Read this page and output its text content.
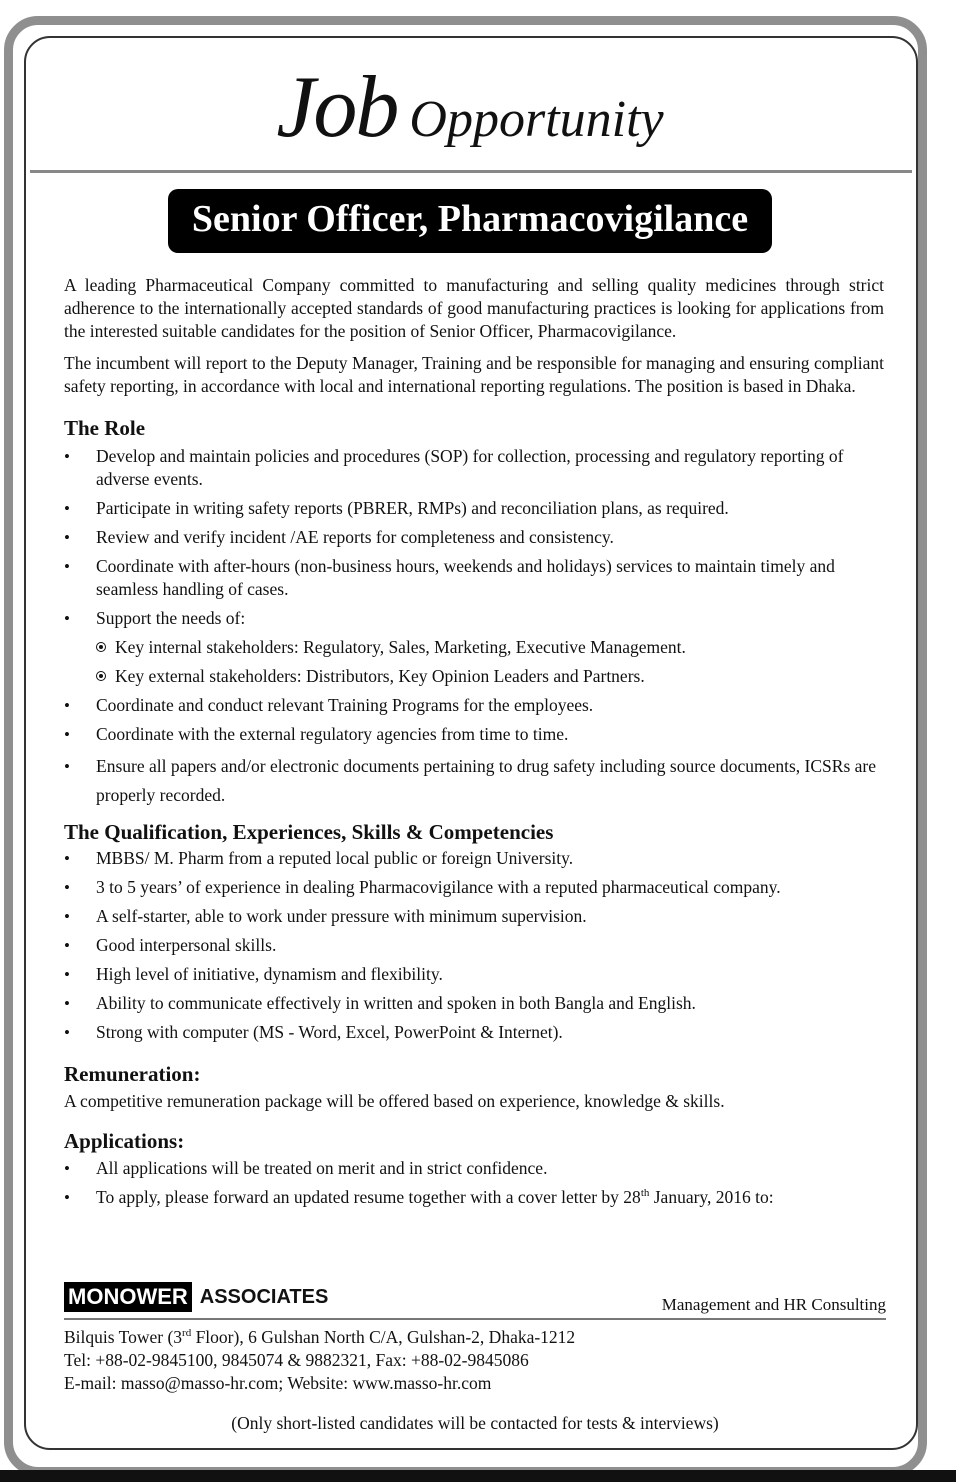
Job Opportunity
Senior Officer, Pharmacovigilance

A leading Pharmaceutical Company committed to manufacturing and selling quality medicines through strict adherence to the internationally accepted standards of good manufacturing practices is looking for applications from the interested suitable candidates for the position of Senior Officer, Pharmacovigilance.

The incumbent will report to the Deputy Manager, Training and be responsible for managing and ensuring compliant safety reporting, in accordance with local and international reporting regulations. The position is based in Dhaka.

The Role
• Develop and maintain policies and procedures (SOP) for collection, processing and regulatory reporting of adverse events.
• Participate in writing safety reports (PBRER, RMPs) and reconciliation plans, as required.
• Review and verify incident /AE reports for completeness and consistency.
• Coordinate with after-hours (non-business hours, weekends and holidays) services to maintain timely and seamless handling of cases.
• Support the needs of:
Key internal stakeholders: Regulatory, Sales, Marketing, Executive Management.
Key external stakeholders: Distributors, Key Opinion Leaders and Partners.
• Coordinate and conduct relevant Training Programs for the employees.
• Coordinate with the external regulatory agencies from time to time.
• Ensure all papers and/or electronic documents pertaining to drug safety including source documents, ICSRs are properly recorded.
The Qualification, Experiences, Skills & Competencies
• MBBS/ M. Pharm from a reputed local public or foreign University.
• 3 to 5 years’ of experience in dealing Pharmacovigilance with a reputed pharmaceutical company.
• A self-starter, able to work under pressure with minimum supervision.
• Good interpersonal skills.
• High level of initiative, dynamism and flexibility.
• Ability to communicate effectively in written and spoken in both Bangla and English.
• Strong with computer (MS - Word, Excel, PowerPoint & Internet).
Remuneration:

A competitive remuneration package will be offered based on experience, knowledge & skills.

Applications:
• All applications will be treated on merit and in strict confidence.
• To apply, please forward an updated resume together with a cover letter by 28th January, 2016 to:
MONOWER ASSOCIATES	Management and HR Consulting
Bilquis Tower (3rd Floor), 6 Gulshan North C/A, Gulshan-2, Dhaka-1212
Tel: +88-02-9845100, 9845074 & 9882321, Fax: +88-02-9845086
E-mail: masso@masso-hr.com; Website: www.masso-hr.com
(Only short-listed candidates will be contacted for tests & interviews)
